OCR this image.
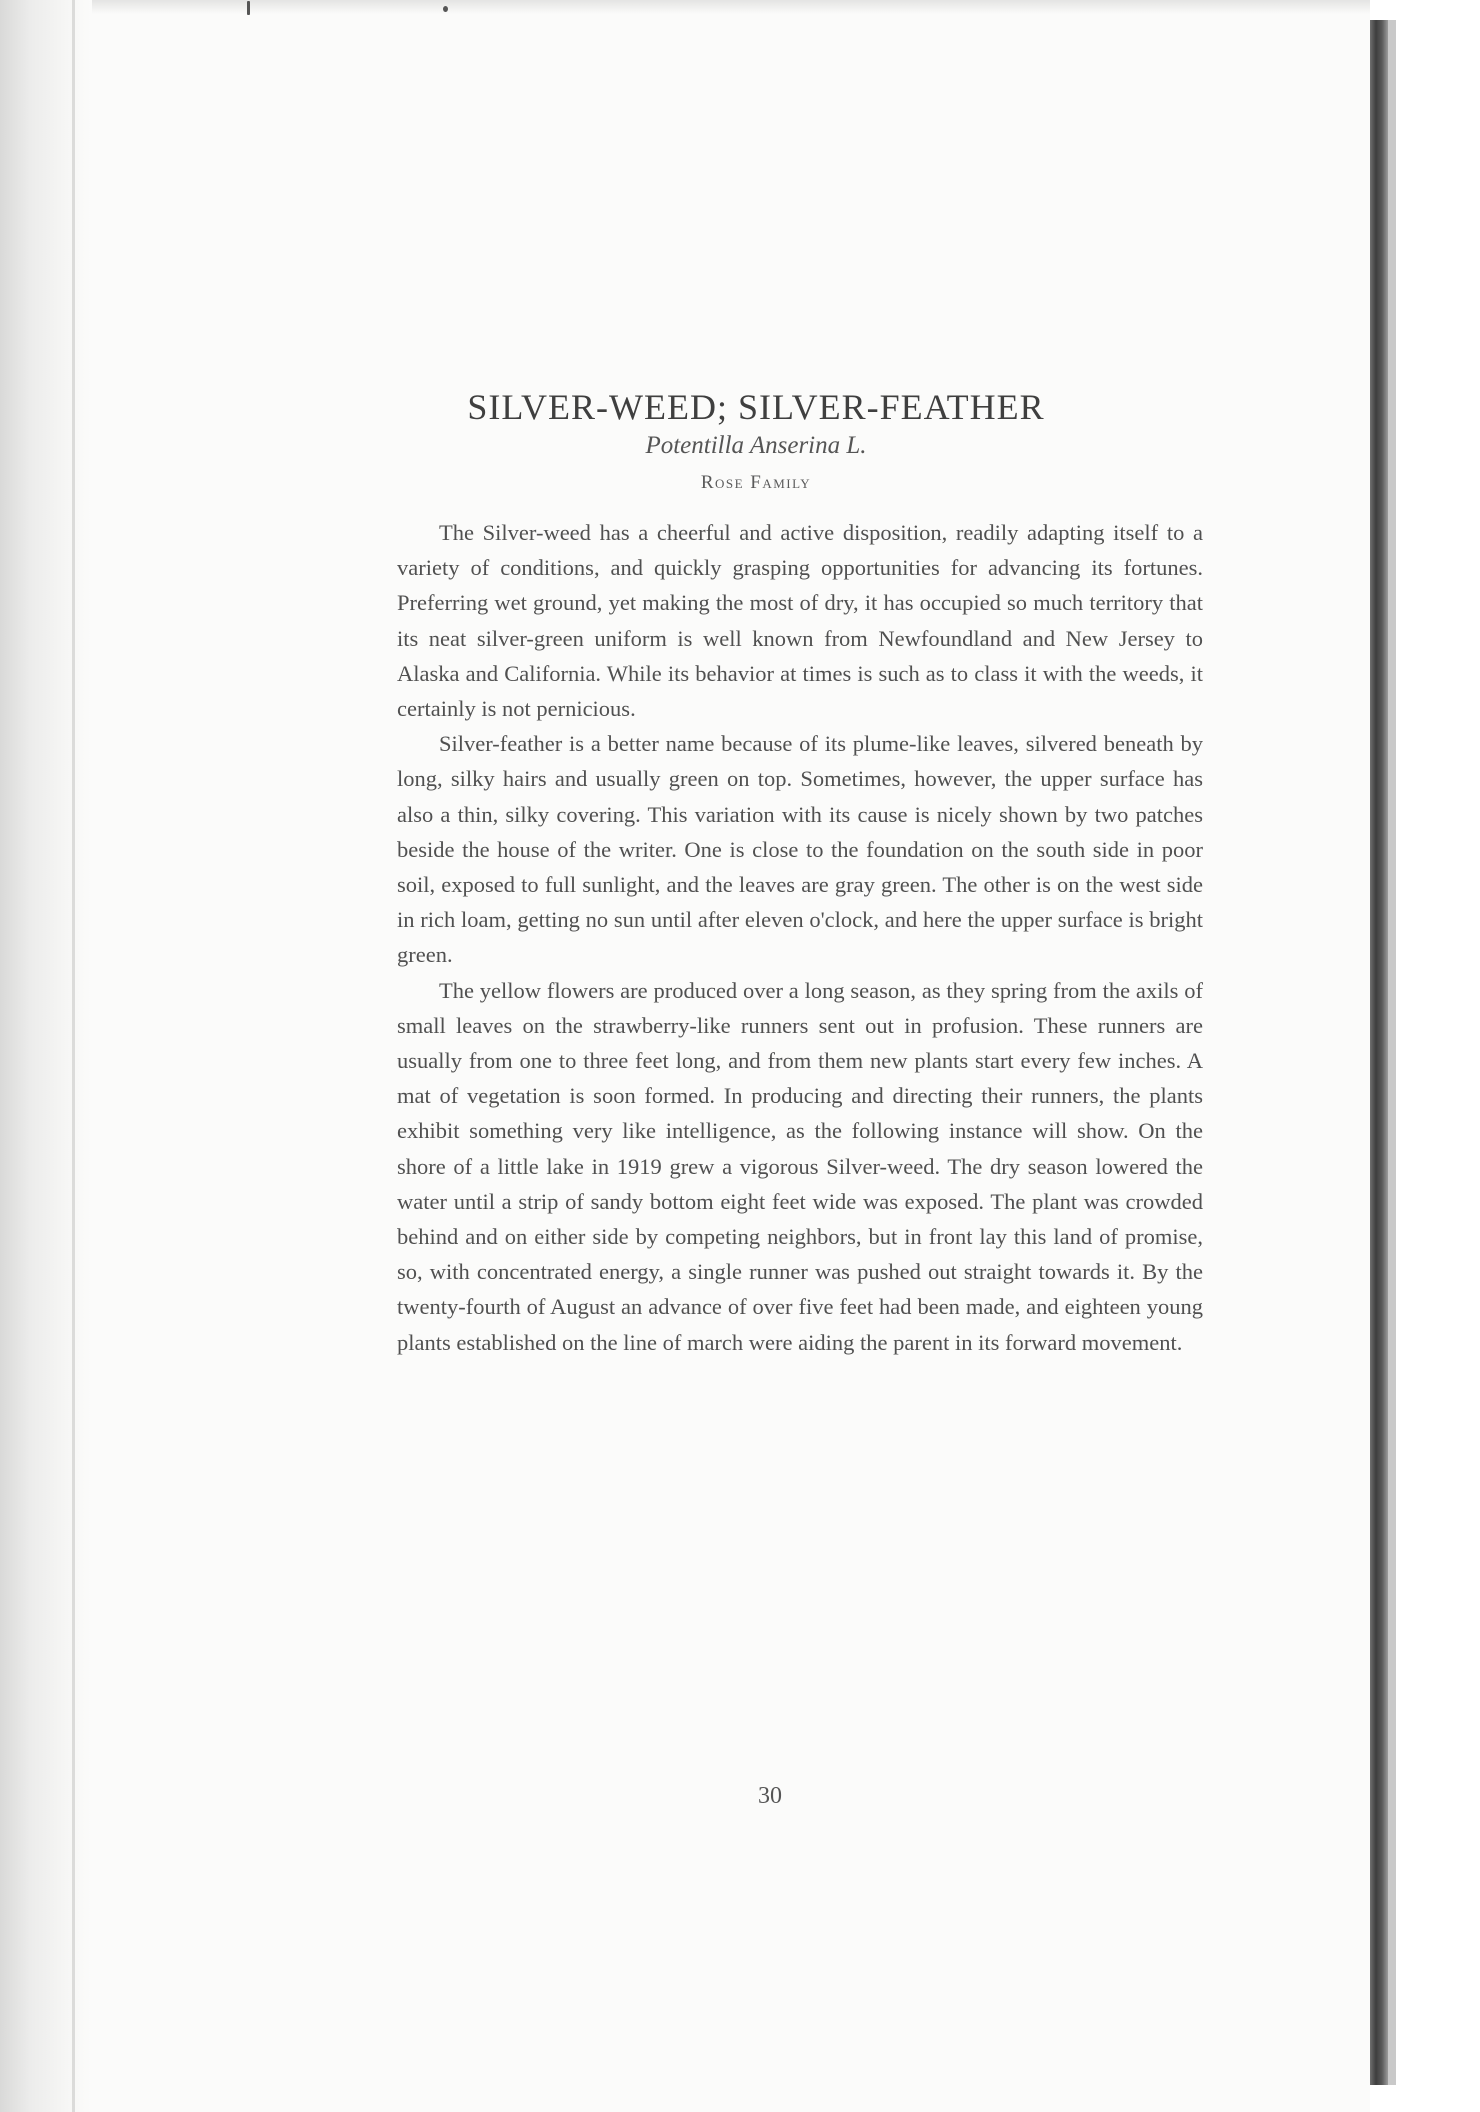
SILVER-WEED; SILVER-FEATHER
Potentilla Anserina L.
Rose Family

The Silver-weed has a cheerful and active disposition, readily adapting itself to a variety of conditions, and quickly grasping opportunities for advancing its fortunes. Preferring wet ground, yet making the most of dry, it has occupied so much territory that its neat silver-green uniform is well known from Newfoundland and New Jersey to Alaska and California. While its behavior at times is such as to class it with the weeds, it certainly is not pernicious.

Silver-feather is a better name because of its plume-like leaves, silvered beneath by long, silky hairs and usually green on top. Sometimes, however, the upper surface has also a thin, silky covering. This variation with its cause is nicely shown by two patches beside the house of the writer. One is close to the foundation on the south side in poor soil, exposed to full sunlight, and the leaves are gray green. The other is on the west side in rich loam, getting no sun until after eleven o'clock, and here the upper surface is bright green.

The yellow flowers are produced over a long season, as they spring from the axils of small leaves on the strawberry-like runners sent out in profusion. These runners are usually from one to three feet long, and from them new plants start every few inches. A mat of vegetation is soon formed. In producing and directing their runners, the plants exhibit something very like intelligence, as the following instance will show. On the shore of a little lake in 1919 grew a vigorous Silver-weed. The dry season lowered the water until a strip of sandy bottom eight feet wide was exposed. The plant was crowded behind and on either side by competing neighbors, but in front lay this land of promise, so, with concentrated energy, a single runner was pushed out straight towards it. By the twenty-fourth of August an advance of over five feet had been made, and eighteen young plants established on the line of march were aiding the parent in its forward movement.

30
